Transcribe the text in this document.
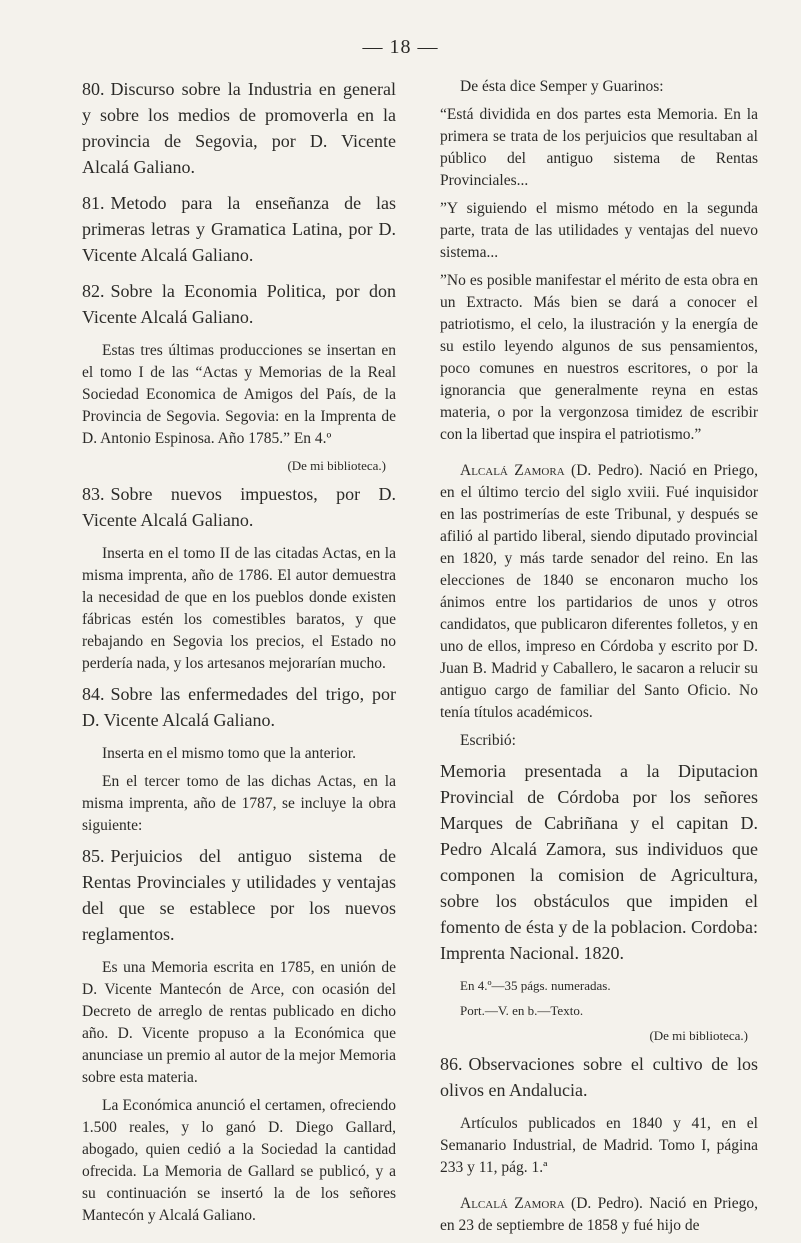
— 18 —
80. Discurso sobre la Industria en general y sobre los medios de promoverla en la provincia de Segovia, por D. Vicente Alcalá Galiano.
81. Metodo para la enseñanza de las primeras letras y Gramatica Latina, por D. Vicente Alcalá Galiano.
82. Sobre la Economia Politica, por don Vicente Alcalá Galiano.

Estas tres últimas producciones se insertan en el tomo I de las “Actas y Memorias de la Real Sociedad Economica de Amigos del País, de la Provincia de Segovia. Segovia: en la Imprenta de D. Antonio Espinosa. Año 1785.” En 4.º

(De mi biblioteca.)

83. Sobre nuevos impuestos, por D. Vicente Alcalá Galiano.

Inserta en el tomo II de las citadas Actas, en la misma imprenta, año de 1786. El autor demuestra la necesidad de que en los pueblos donde existen fábricas estén los comestibles baratos, y que rebajando en Segovia los precios, el Estado no perdería nada, y los artesanos mejorarían mucho.

84. Sobre las enfermedades del trigo, por D. Vicente Alcalá Galiano.

Inserta en el mismo tomo que la anterior.

En el tercer tomo de las dichas Actas, en la misma imprenta, año de 1787, se incluye la obra siguiente:

85. Perjuicios del antiguo sistema de Rentas Provinciales y utilidades y ventajas del que se establece por los nuevos reglamentos.

Es una Memoria escrita en 1785, en unión de D. Vicente Mantecón de Arce, con ocasión del Decreto de arreglo de rentas publicado en dicho año. D. Vicente propuso a la Económica que anunciase un premio al autor de la mejor Memoria sobre esta materia.

La Económica anunció el certamen, ofreciendo 1.500 reales, y lo ganó D. Diego Gallard, abogado, quien cedió a la Sociedad la cantidad ofrecida. La Memoria de Gallard se publicó, y a su continuación se insertó la de los señores Mantecón y Alcalá Galiano.

De ésta dice Semper y Guarinos:

“Está dividida en dos partes esta Memoria. En la primera se trata de los perjuicios que resultaban al público del antiguo sistema de Rentas Provinciales...

”Y siguiendo el mismo método en la segunda parte, trata de las utilidades y ventajas del nuevo sistema...

”No es posible manifestar el mérito de esta obra en un Extracto. Más bien se dará a conocer el patriotismo, el celo, la ilustración y la energía de su estilo leyendo algunos de sus pensamientos, poco comunes en nuestros escritores, o por la ignorancia que generalmente reyna en estas materia, o por la vergonzosa timidez de escribir con la libertad que inspira el patriotismo.”

Alcalá Zamora (D. Pedro). Nació en Priego, en el último tercio del siglo xviii. Fué inquisidor en las postrimerías de este Tribunal, y después se afilió al partido liberal, siendo diputado provincial en 1820, y más tarde senador del reino. En las elecciones de 1840 se enconaron mucho los ánimos entre los partidarios de unos y otros candidatos, que publicaron diferentes folletos, y en uno de ellos, impreso en Córdoba y escrito por D. Juan B. Madrid y Caballero, le sacaron a relucir su antiguo cargo de familiar del Santo Oficio. No tenía títulos académicos.

Escribió:

Memoria presentada a la Diputacion Provincial de Córdoba por los señores Marques de Cabriñana y el capitan D. Pedro Alcalá Zamora, sus individuos que componen la comision de Agricultura, sobre los obstáculos que impiden el fomento de ésta y de la poblacion. Cordoba: Imprenta Nacional. 1820.

En 4.º—35 págs. numeradas.

Port.—V. en b.—Texto.

(De mi biblioteca.)

86. Observaciones sobre el cultivo de los olivos en Andalucia.

Artículos publicados en 1840 y 41, en el Semanario Industrial, de Madrid. Tomo I, página 233 y 11, pág. 1.ª

Alcalá Zamora (D. Pedro). Nació en Priego, en 23 de septiembre de 1858 y fué hijo de
